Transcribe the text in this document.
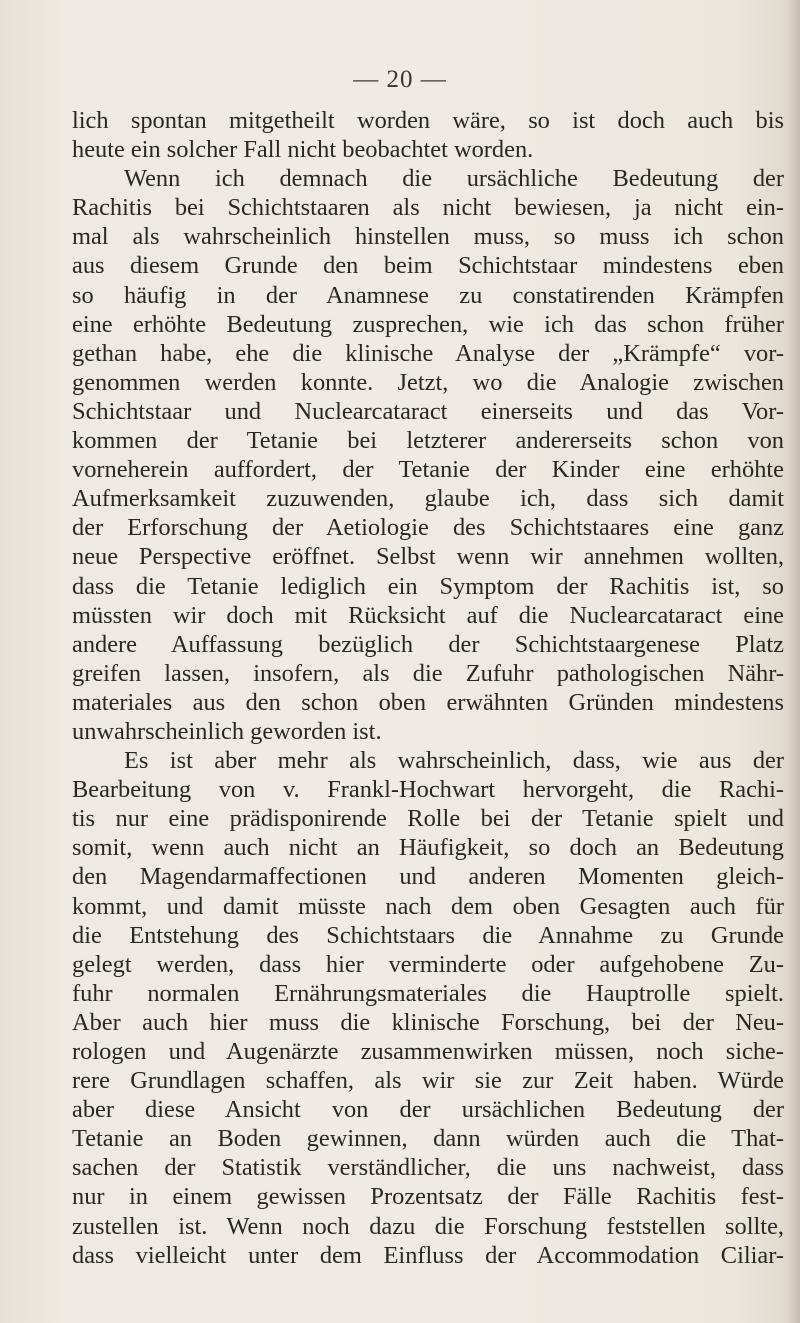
— 20 —
lich spontan mitgetheilt worden wäre, so ist doch auch bis
heute ein solcher Fall nicht beobachtet worden.
Wenn ich demnach die ursächliche Bedeutung der
Rachitis bei Schichtstaaren als nicht bewiesen, ja nicht ein-
mal als wahrscheinlich hinstellen muss, so muss ich schon
aus diesem Grunde den beim Schichtstaar mindestens eben
so häufig in der Anamnese zu constatirenden Krämpfen
eine erhöhte Bedeutung zusprechen, wie ich das schon früher
gethan habe, ehe die klinische Analyse der „Krämpfe“ vor-
genommen werden konnte. Jetzt, wo die Analogie zwischen
Schichtstaar und Nuclearcataract einerseits und das Vor-
kommen der Tetanie bei letzterer andererseits schon von
vorneherein auffordert, der Tetanie der Kinder eine erhöhte
Aufmerksamkeit zuzuwenden, glaube ich, dass sich damit
der Erforschung der Aetiologie des Schichtstaares eine ganz
neue Perspective eröffnet. Selbst wenn wir annehmen wollten,
dass die Tetanie lediglich ein Symptom der Rachitis ist, so
müssten wir doch mit Rücksicht auf die Nuclearcataract eine
andere Auffassung bezüglich der Schichtstaargenese Platz
greifen lassen, insofern, als die Zufuhr pathologischen Nähr-
materiales aus den schon oben erwähnten Gründen mindestens
unwahrscheinlich geworden ist.
Es ist aber mehr als wahrscheinlich, dass, wie aus der
Bearbeitung von v. Frankl-Hochwart hervorgeht, die Rachi-
tis nur eine prädisponirende Rolle bei der Tetanie spielt und
somit, wenn auch nicht an Häufigkeit, so doch an Bedeutung
den Magendarmaffectionen und anderen Momenten gleich-
kommt, und damit müsste nach dem oben Gesagten auch für
die Entstehung des Schichtstaars die Annahme zu Grunde
gelegt werden, dass hier verminderte oder aufgehobene Zu-
fuhr normalen Ernährungsmateriales die Hauptrolle spielt.
Aber auch hier muss die klinische Forschung, bei der Neu-
rologen und Augenärzte zusammenwirken müssen, noch siche-
rere Grundlagen schaffen, als wir sie zur Zeit haben. Würde
aber diese Ansicht von der ursächlichen Bedeutung der
Tetanie an Boden gewinnen, dann würden auch die That-
sachen der Statistik verständlicher, die uns nachweist, dass
nur in einem gewissen Prozentsatz der Fälle Rachitis fest-
zustellen ist. Wenn noch dazu die Forschung feststellen sollte,
dass vielleicht unter dem Einfluss der Accommodation Ciliar-
